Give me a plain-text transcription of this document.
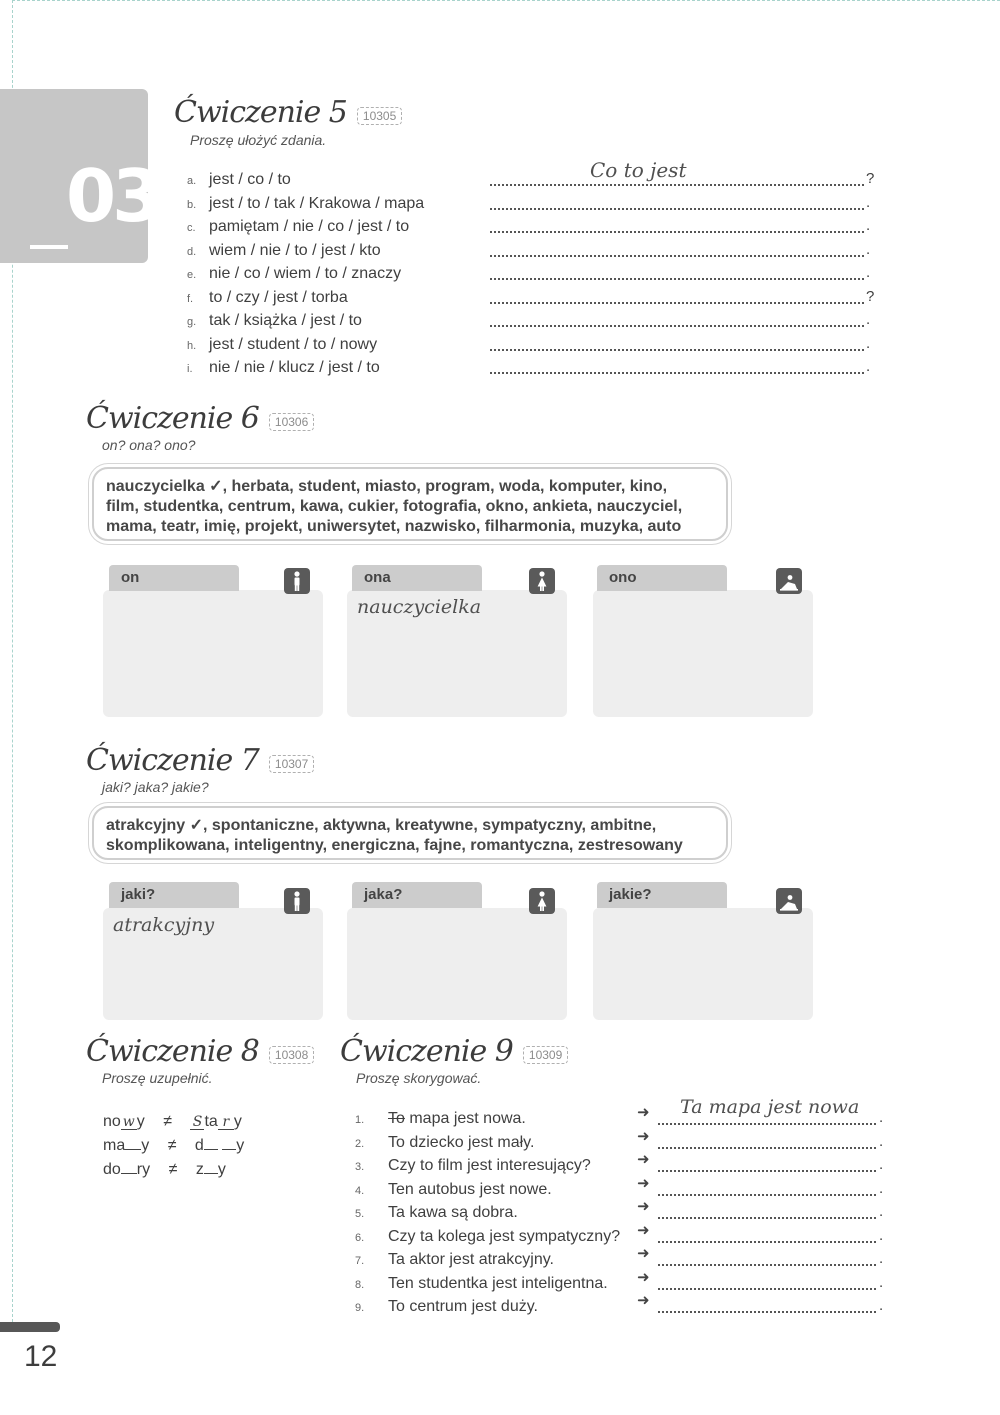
03
Ćwiczenie 5	10305
Proszę ułożyć zdania.
a. jest / co / to	?
Co to jest
b. jest / to / tak / Krakowa / mapa	.
c. pamiętam / nie / co / jest / to	.
d. wiem / nie / to / jest / kto	.
e. nie / co / wiem / to / znaczy	.
f. to / czy / jest / torba	?
g. tak / książka / jest / to	.
h. jest / student / to / nowy	.
i. nie / nie / klucz / jest / to	.
Ćwiczenie 6	10306
on? ona? ono?
nauczycielka ✓, herbata, student, miasto, program, woda, komputer, kino,
film, studentka, centrum, kawa, cukier, fotografia, okno, ankieta, nauczyciel,
mama, teatr, imię, projekt, uniwersytet, nazwisko, filharmonia, muzyka, auto
on	ona
nauczycielka
ono
Ćwiczenie 7	10307
jaki? jaka? jakie?
atrakcyjny ✓, spontaniczne, aktywna, kreatywne, sympatyczny, ambitne,
skomplikowana, inteligentny, energiczna, fajne, romantyczna, zestresowany
jaki?
atrakcyjny
jaka?	jakie?
Ćwiczenie 8	10308
Proszę uzupełnić.
no w y ≠ S ta r y
ma y ≠ d y
do ry ≠ z y
Ćwiczenie 9	10309
Proszę skorygować.
1. To mapa jest nowa.	➜	.
Ta mapa jest nowa
2. To dziecko jest mały.	➜	.
3. Czy to film jest interesujący?	➜	.
4. Ten autobus jest nowe.	➜	.
5. Ta kawa są dobra.	➜	.
6. Czy ta kolega jest sympatyczny? ➜	.
7. Ta aktor jest atrakcyjny.	➜	.
8. Ten studentka jest inteligentna. ➜	.
9. To centrum jest duży.	➜	.
12
